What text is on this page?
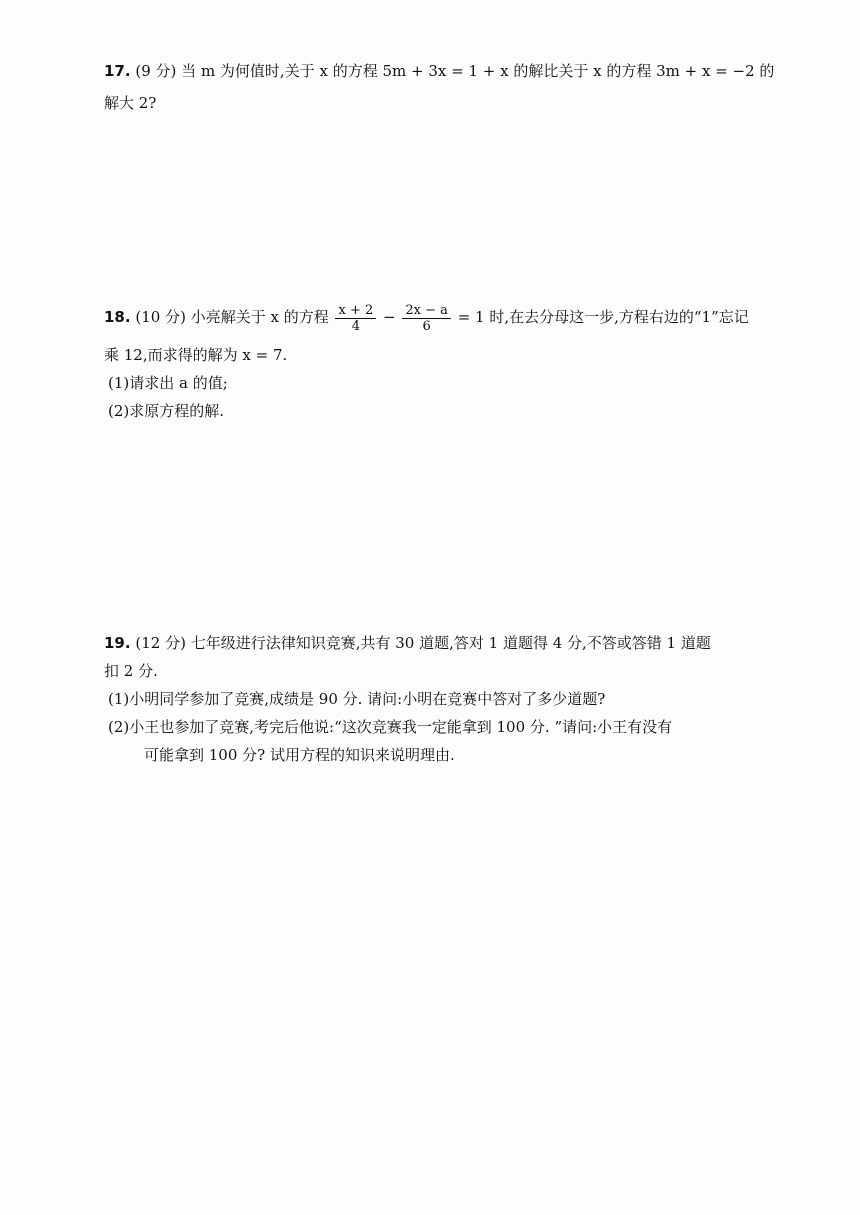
17. (9 分) 当 m 为何值时,关于 x 的方程 5m + 3x = 1 + x 的解比关于 x 的方程 3m + x = −2 的
解大 2?
18. (10 分) 小亮解关于 x 的方程 $\frac{x + 2}{4} - \frac{2x - a}{6} = 1$ 时,在去分母这一步,方程右边的“1”忘记
乘 12,而求得的解为 x = 7.
(1)请求出 a 的值;
(2)求原方程的解.
19. (12 分) 七年级进行法律知识竞赛,共有 30 道题,答对 1 道题得 4 分,不答或答错 1 道题
扣 2 分.
(1)小明同学参加了竞赛,成绩是 90 分. 请问:小明在竞赛中答对了多少道题?
(2)小王也参加了竞赛,考完后他说:“这次竞赛我一定能拿到 100 分. ”请问:小王有没有
可能拿到 100 分? 试用方程的知识来说明理由.
